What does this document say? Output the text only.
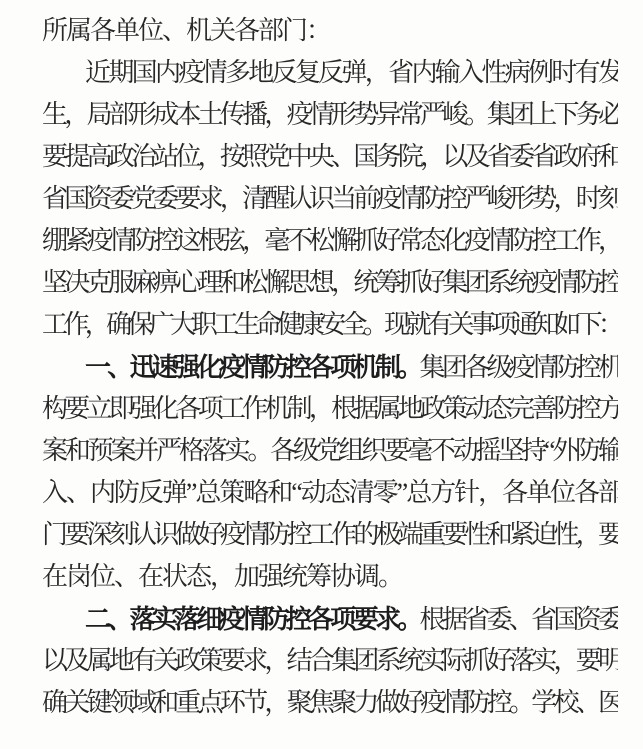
所属各单位、机关各部门：
近期国内疫情多地反复反弹，省内输入性病例时有发
生，局部形成本土传播，疫情形势异常严峻。集团上下务必
要提高政治站位，按照党中央、国务院，以及省委省政府和
省国资委党委要求，清醒认识当前疫情防控严峻形势，时刻
绷紧疫情防控这根弦，毫不松懈抓好常态化疫情防控工作，
坚决克服麻痹心理和松懈思想，统筹抓好集团系统疫情防控
工作，确保广大职工生命健康安全。现就有关事项通知如下：
一、迅速强化疫情防控各项机制。集团各级疫情防控机
构要立即强化各项工作机制，根据属地政策动态完善防控方
案和预案并严格落实。各级党组织要毫不动摇坚持“外防输
入、内防反弹”总策略和“动态清零”总方针，各单位各部
门要深刻认识做好疫情防控工作的极端重要性和紧迫性，要
在岗位、在状态，加强统筹协调。
二、落实落细疫情防控各项要求。根据省委、省国资委
以及属地有关政策要求，结合集团系统实际抓好落实，要明
确关键领域和重点环节，聚焦聚力做好疫情防控。学校、医
